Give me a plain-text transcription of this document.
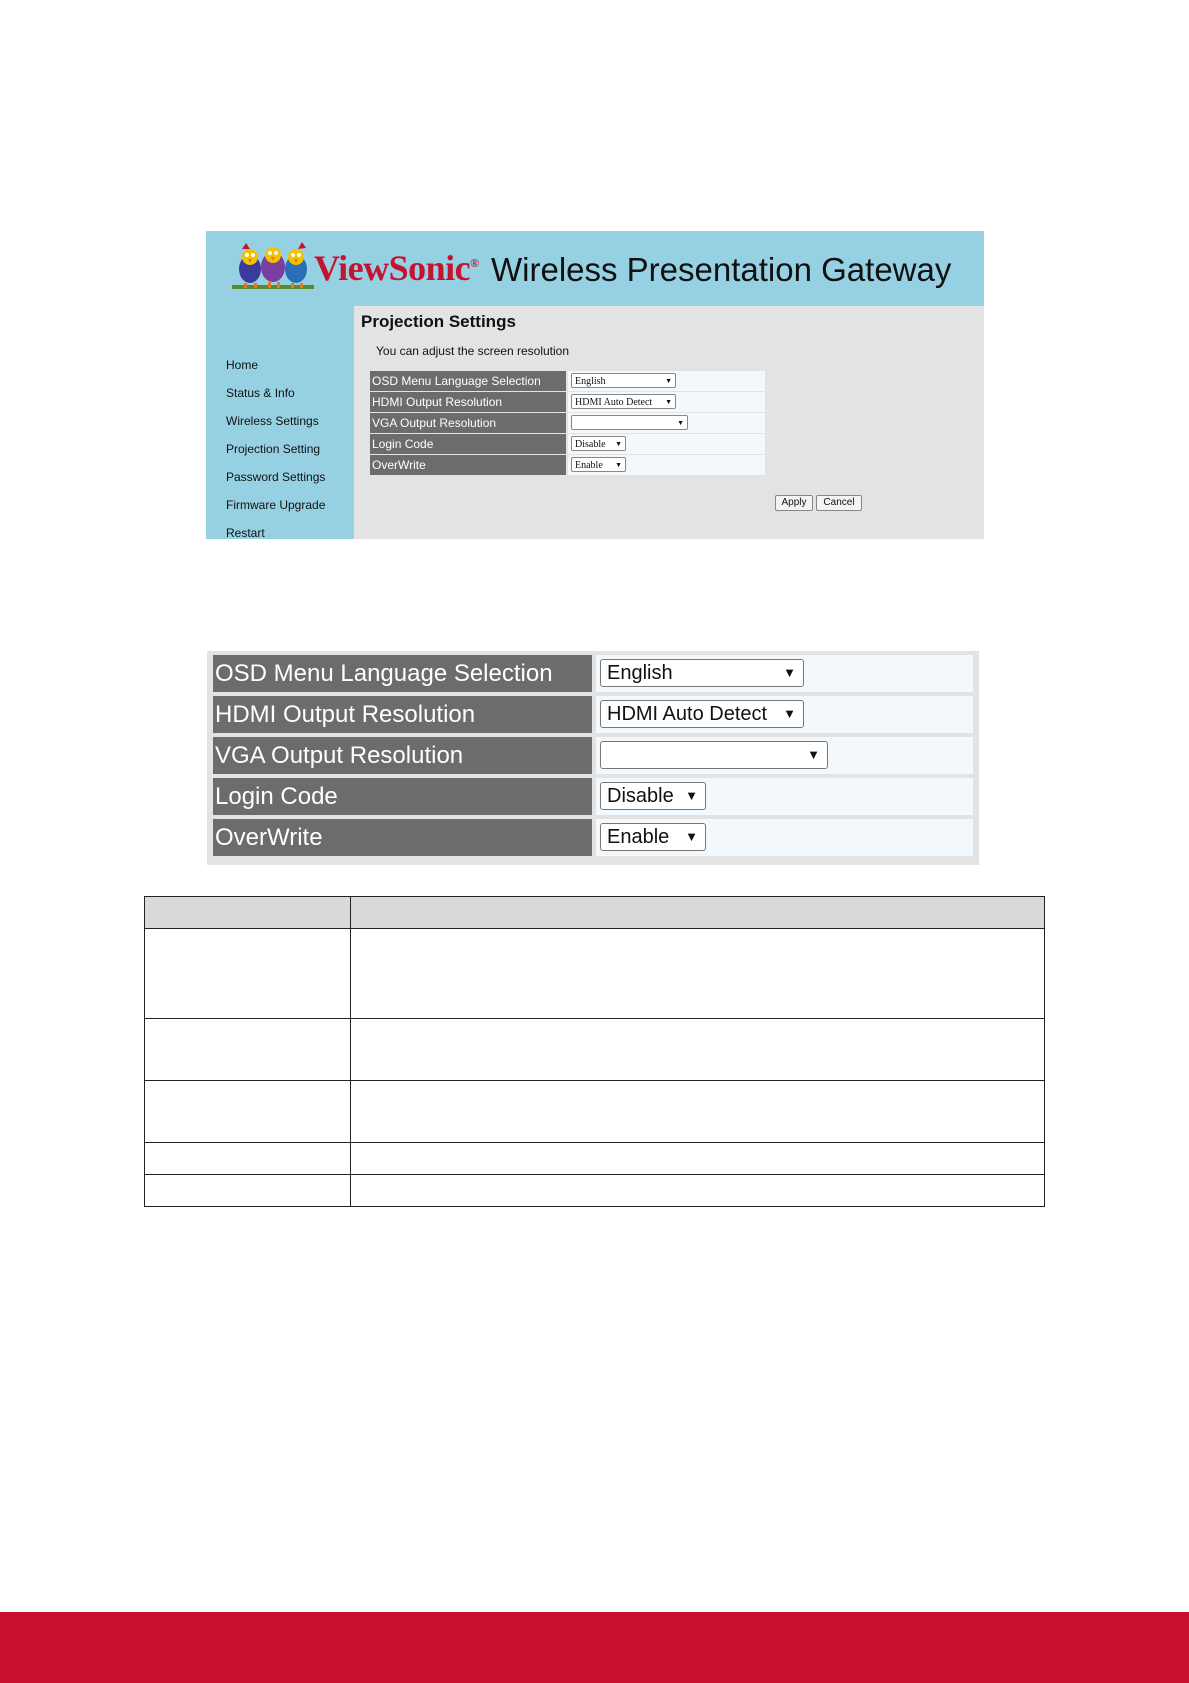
ViewSonic® Wireless Presentation Gateway
Home
Status & Info
Wireless Settings
Projection Setting
Password Settings
Firmware Upgrade
Restart
Projection Settings
You can adjust the screen resolution
OSD Menu Language Selection	English	▼
HDMI Output Resolution	HDMI Auto Detect ▼
VGA Output Resolution	▼
Login Code	Disable ▼
OverWrite	Enable ▼
Apply	Cancel
OSD Menu Language Selection	English	▼
HDMI Output Resolution	HDMI Auto Detect ▼
VGA Output Resolution	▼
Login Code	Disable ▼
OverWrite	Enable ▼
